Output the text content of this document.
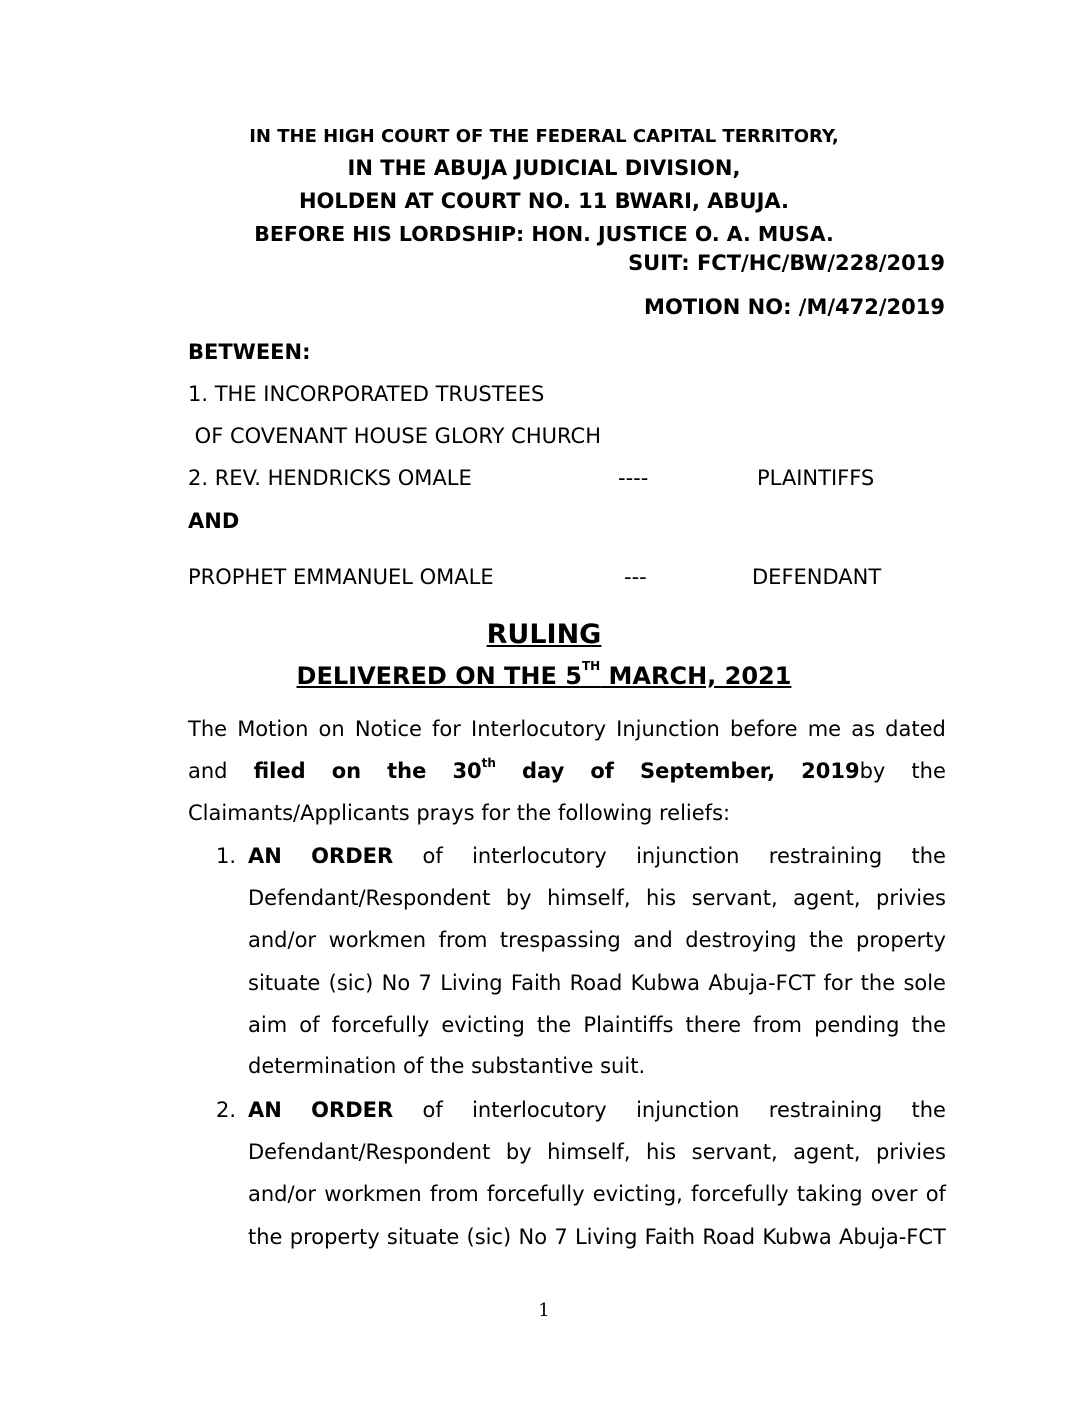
IN THE HIGH COURT OF THE FEDERAL CAPITAL TERRITORY,
IN THE ABUJA JUDICIAL DIVISION,
HOLDEN AT COURT NO. 11 BWARI, ABUJA.
BEFORE HIS LORDSHIP: HON. JUSTICE O. A. MUSA.
SUIT: FCT/HC/BW/228/2019
MOTION NO: /M/472/2019
BETWEEN:
1. THE INCORPORATED TRUSTEES
OF COVENANT HOUSE GLORY CHURCH
2. REV. HENDRICKS OMALE	----	PLAINTIFFS
AND
PROPHET EMMANUEL OMALE	---	DEFENDANT
RULING
DELIVERED ON THE 5TH MARCH, 2021
The Motion on Notice for Interlocutory Injunction before me as dated
and filed on the 30th day of September, 2019by the
Claimants/Applicants prays for the following reliefs:
1. AN ORDER of interlocutory injunction restraining the
Defendant/Respondent by himself, his servant, agent, privies
and/or workmen from trespassing and destroying the property
situate (sic) No 7 Living Faith Road Kubwa Abuja-FCT for the sole
aim of forcefully evicting the Plaintiffs there from pending the
determination of the substantive suit.
2. AN ORDER of interlocutory injunction restraining the
Defendant/Respondent by himself, his servant, agent, privies
and/or workmen from forcefully evicting, forcefully taking over of
the property situate (sic) No 7 Living Faith Road Kubwa Abuja-FCT
1
